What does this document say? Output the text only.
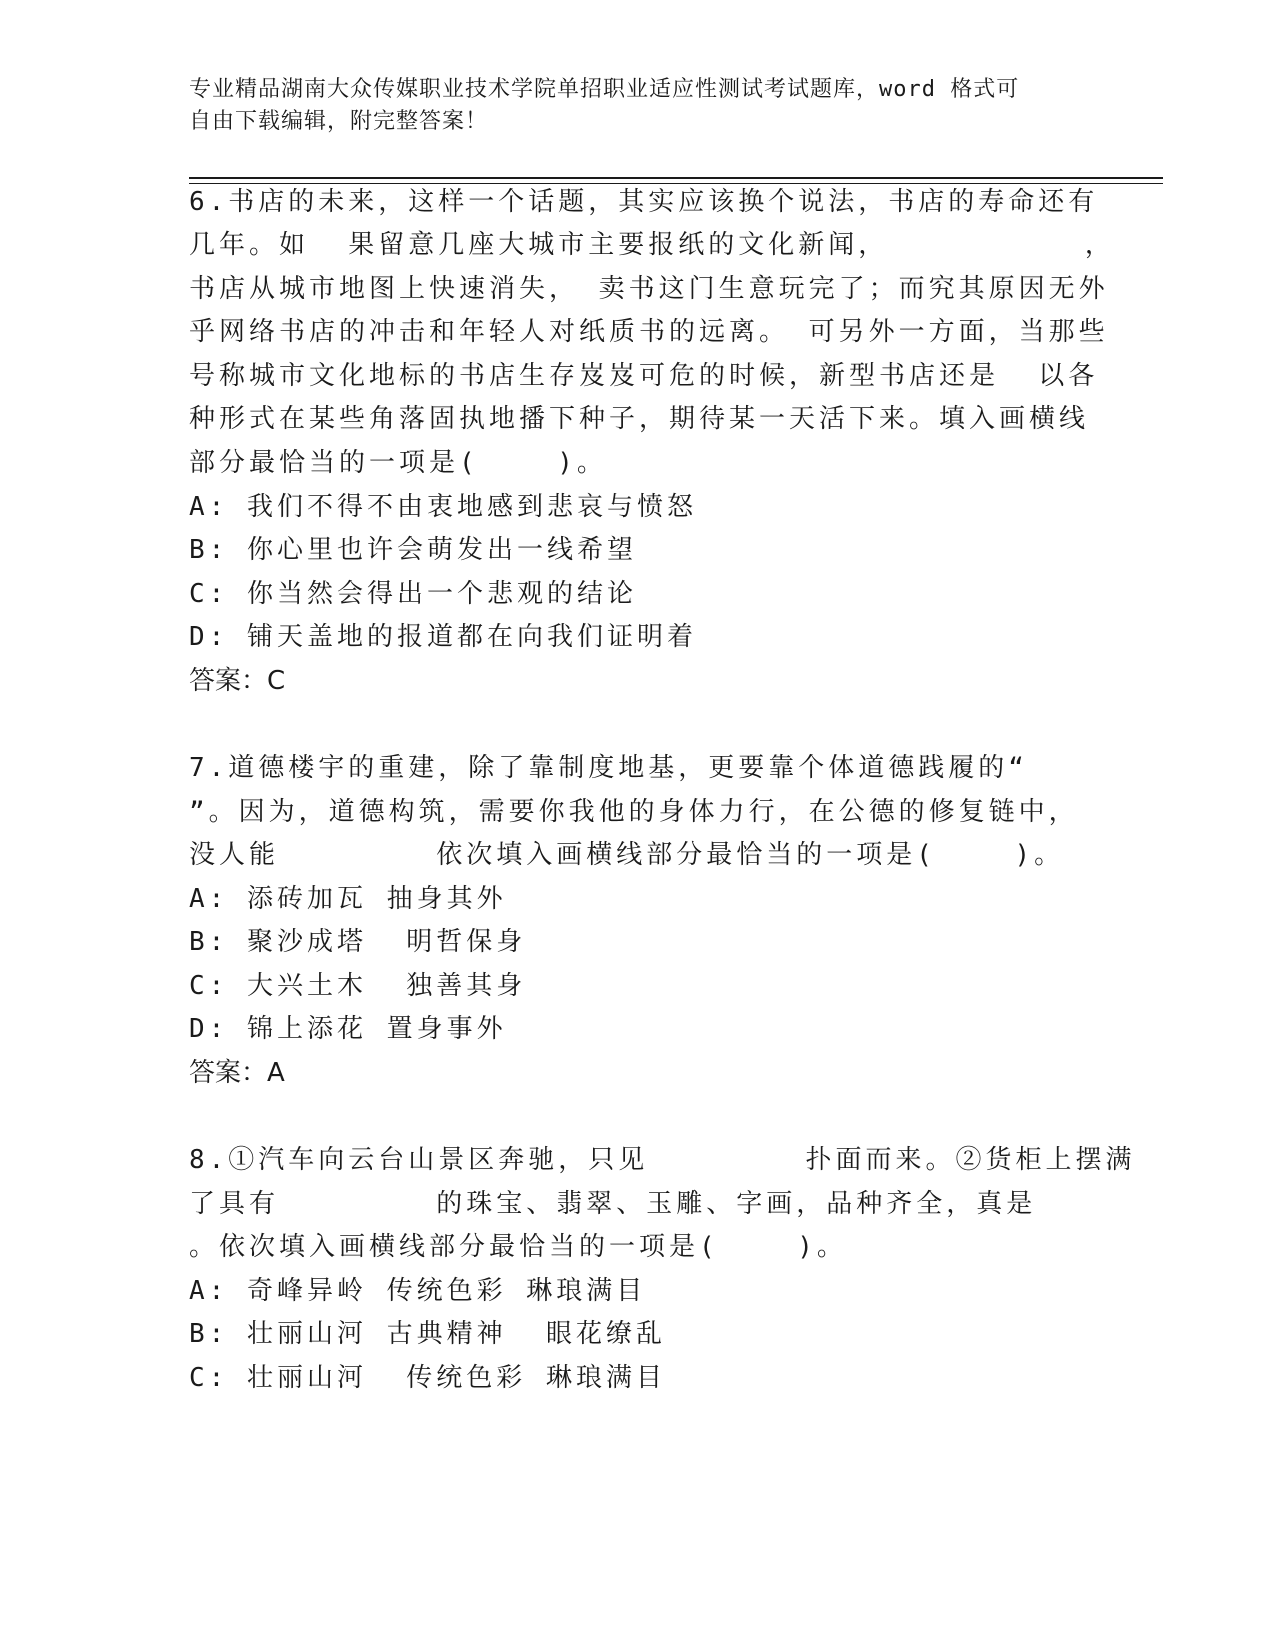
专业精品湖南大众传媒职业技术学院单招职业适应性测试考试题库，word 格式可
自由下载编辑，附完整答案！
6.书店的未来，这样一个话题，其实应该换个说法，书店的寿命还有
几年。如  果留意几座大城市主要报纸的文化新闻，          ，
书店从城市地图上快速消失， 卖书这门生意玩完了；而究其原因无外
乎网络书店的冲击和年轻人对纸质书的远离。 可另外一方面，当那些
号称城市文化地标的书店生存岌岌可危的时候，新型书店还是  以各
种形式在某些角落固执地播下种子，期待某一天活下来。填入画横线
部分最恰当的一项是(    )。
A: 我们不得不由衷地感到悲哀与愤怒
B: 你心里也许会萌发出一线希望
C: 你当然会得出一个悲观的结论
D: 铺天盖地的报道都在向我们证明着
答案：C
7.道德楼宇的重建，除了靠制度地基，更要靠个体道德践履的“
”。因为，道德构筑，需要你我他的身体力行，在公德的修复链中，
没人能        依次填入画横线部分最恰当的一项是(    )。
A: 添砖加瓦 抽身其外
B: 聚沙成塔  明哲保身
C: 大兴土木  独善其身
D: 锦上添花 置身事外
答案：A
8.①汽车向云台山景区奔驰，只见        扑面而来。②货柜上摆满
了具有        的珠宝、翡翠、玉雕、字画，品种齐全，真是
。依次填入画横线部分最恰当的一项是(    )。
A: 奇峰异岭 传统色彩 琳琅满目
B: 壮丽山河 古典精神  眼花缭乱
C: 壮丽山河  传统色彩 琳琅满目
